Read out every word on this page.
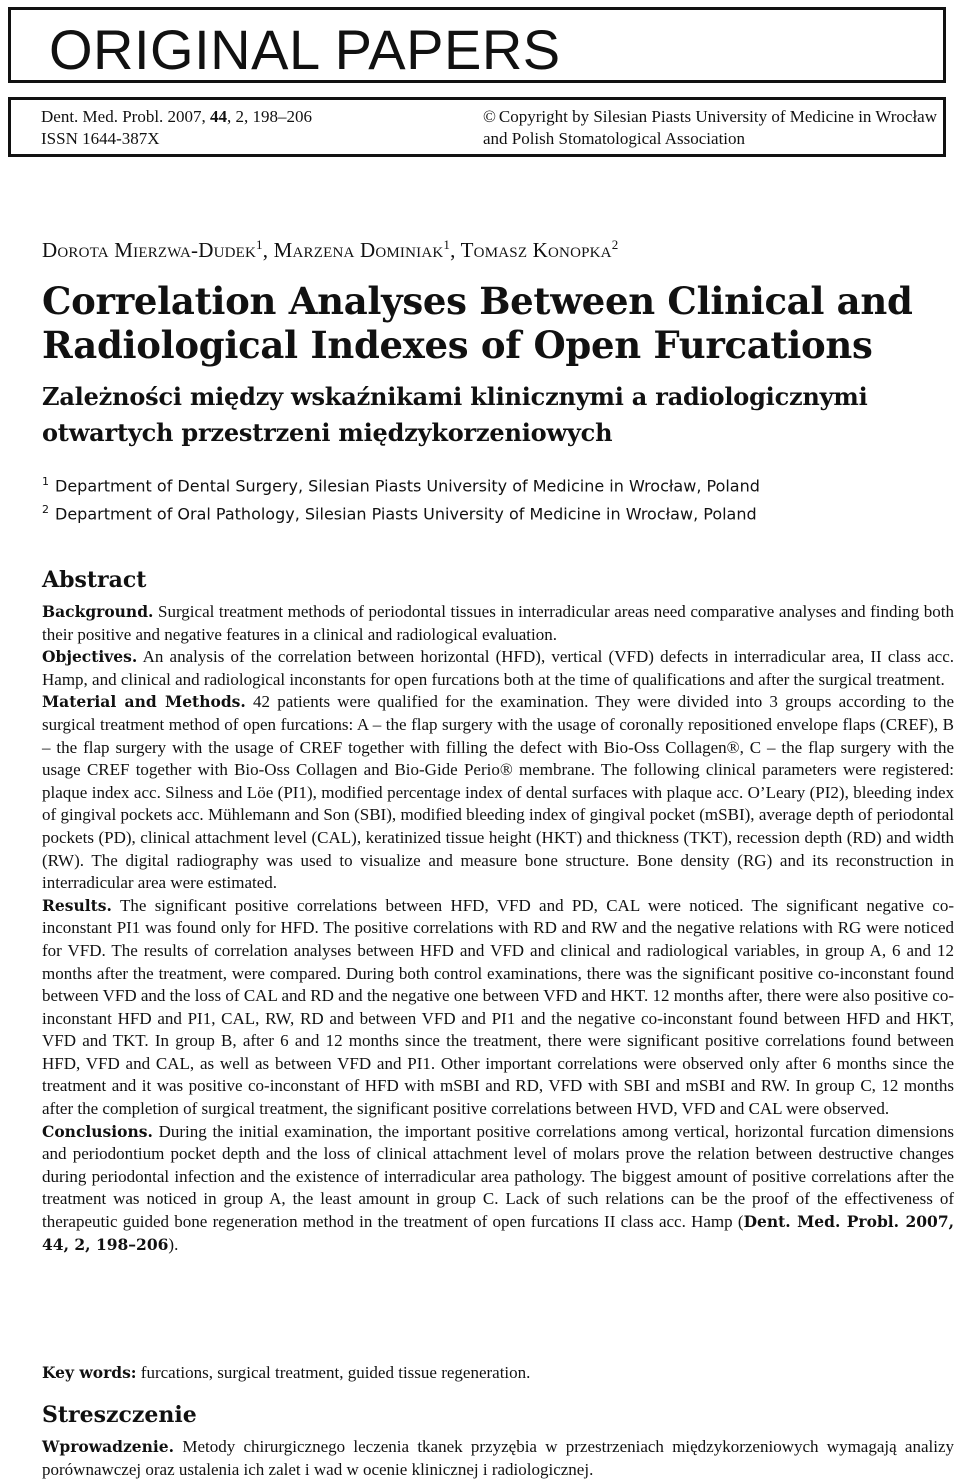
ORIGINAL PAPERS
Dent. Med. Probl. 2007, 44, 2, 198–206
ISSN 1644-387X
© Copyright by Silesian Piasts University of Medicine in Wrocław
and Polish Stomatological Association
Dorota Mierzwa-Dudek$^1$, Marzena Dominiak$^1$, Tomasz Konopka$^2$
Correlation Analyses Between Clinical and Radiological Indexes of Open Furcations
Zależności między wskaźnikami klinicznymi a radiologicznymi otwartych przestrzeni międzykorzeniowych
$^1$ Department of Dental Surgery, Silesian Piasts University of Medicine in Wrocław, Poland
$^2$ Department of Oral Pathology, Silesian Piasts University of Medicine in Wrocław, Poland
Abstract

Background. Surgical treatment methods of periodontal tissues in interradicular areas need comparative analyses and finding both their positive and negative features in a clinical and radiological evaluation.

Objectives. An analysis of the correlation between horizontal (HFD), vertical (VFD) defects in interradicular area, II class acc. Hamp, and clinical and radiological inconstants for open furcations both at the time of qualifications and after the surgical treatment.

Material and Methods. 42 patients were qualified for the examination. They were divided into 3 groups according to the surgical treatment method of open furcations: A – the flap surgery with the usage of coronally repositioned envelope flaps (CREF), B – the flap surgery with the usage of CREF together with filling the defect with Bio-Oss Collagen®, C – the flap surgery with the usage CREF together with Bio-Oss Collagen and Bio-Gide Perio® membrane. The following clinical parameters were registered: plaque index acc. Silness and Löe (PI1), modified percentage index of dental surfaces with plaque acc. O’Leary (PI2), bleeding index of gingival pockets acc. Mühlemann and Son (SBI), modified bleeding index of gingival pocket (mSBI), average depth of periodontal pockets (PD), clinical attachment level (CAL), keratinized tissue height (HKT) and thickness (TKT), recession depth (RD) and width (RW). The digital radiography was used to visualize and measure bone structure. Bone density (RG) and its reconstruction in interradicular area were estimated.

Results. The significant positive correlations between HFD, VFD and PD, CAL were noticed. The significant negative co-inconstant PI1 was found only for HFD. The positive correlations with RD and RW and the negative relations with RG were noticed for VFD. The results of correlation analyses between HFD and VFD and clinical and radiological variables, in group A, 6 and 12 months after the treatment, were compared. During both control examinations, there was the significant positive co-inconstant found between VFD and the loss of CAL and RD and the negative one between VFD and HKT. 12 months after, there were also positive co-inconstant HFD and PI1, CAL, RW, RD and between VFD and PI1 and the negative co-inconstant found between HFD and HKT, VFD and TKT. In group B, after 6 and 12 months since the treatment, there were significant positive correlations found between HFD, VFD and CAL, as well as between VFD and PI1. Other important correlations were observed only after 6 months since the treatment and it was positive co-inconstant of HFD with mSBI and RD, VFD with SBI and mSBI and RW. In group C, 12 months after the completion of surgical treatment, the significant positive correlations between HVD, VFD and CAL were observed.

Conclusions. During the initial examination, the important positive correlations among vertical, horizontal furcation dimensions and periodontium pocket depth and the loss of clinical attachment level of molars prove the relation between destructive changes during periodontal infection and the existence of interradicular area pathology. The biggest amount of positive correlations after the treatment was noticed in group A, the least amount in group C. Lack of such relations can be the proof of the effectiveness of therapeutic guided bone regeneration method in the treatment of open furcations II class acc. Hamp (Dent. Med. Probl. 2007, 44, 2, 198–206).

Key words: furcations, surgical treatment, guided tissue regeneration.
Streszczenie

Wprowadzenie. Metody chirurgicznego leczenia tkanek przyzębia w przestrzeniach międzykorzeniowych wymagają analizy porównawczej oraz ustalenia ich zalet i wad w ocenie klinicznej i radiologicznej.
